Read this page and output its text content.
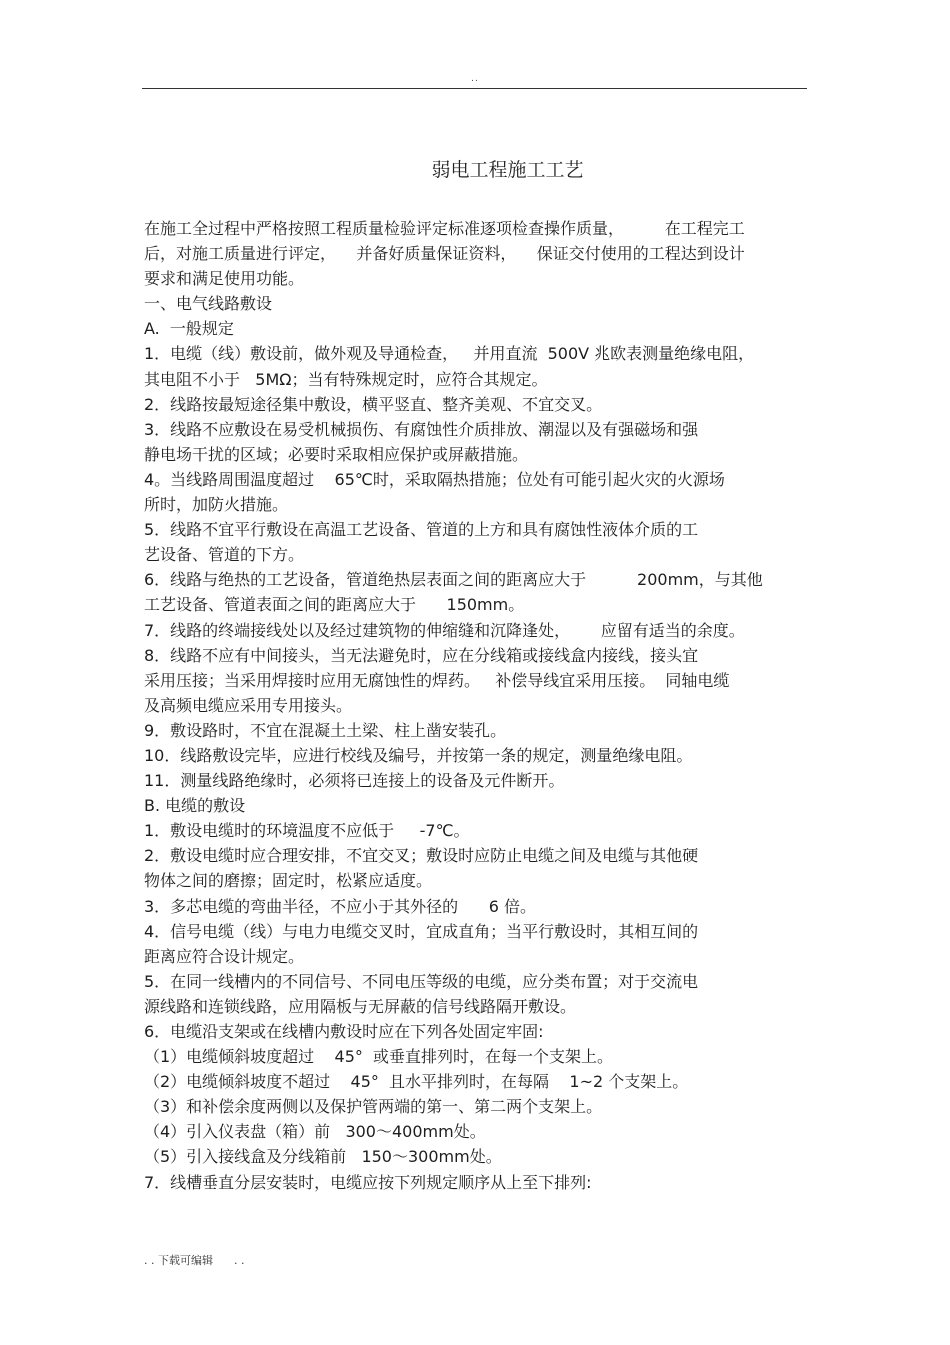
..
弱电工程施工工艺
在施工全过程中严格按照工程质量检验评定标准逐项检查操作质量，        在工程完工
后，对施工质量进行评定，    并备好质量保证资料，    保证交付使用的工程达到设计
要求和满足使用功能。
一、电气线路敷设
A.  一般规定
1．电缆（线）敷设前，做外观及导通检查，   并用直流  500V 兆欧表测量绝缘电阻，
其电阻不小于   5MΩ；当有特殊规定时，应符合其规定。
2．线路按最短途径集中敷设，横平竖直、整齐美观、不宜交叉。
3．线路不应敷设在易受机械损伤、有腐蚀性介质排放、潮湿以及有强磁场和强
静电场干扰的区域；必要时采取相应保护或屏蔽措施。
4。当线路周围温度超过    65℃时，采取隔热措施；位处有可能引起火灾的火源场
所时，加防火措施。
5．线路不宜平行敷设在高温工艺设备、管道的上方和具有腐蚀性液体介质的工
艺设备、管道的下方。
6．线路与绝热的工艺设备，管道绝热层表面之间的距离应大于          200mm，与其他
工艺设备、管道表面之间的距离应大于      150mm。
7．线路的终端接线处以及经过建筑物的伸缩缝和沉降逢处，      应留有适当的余度。
8．线路不应有中间接头，当无法避免时，应在分线箱或接线盒内接线，接头宜
采用压接；当采用焊接时应用无腐蚀性的焊药。   补偿导线宜采用压接。  同轴电缆
及高频电缆应采用专用接头。
9．敷设路时，不宜在混凝土土梁、柱上凿安装孔。
10．线路敷设完毕，应进行校线及编号，并按第一条的规定，测量绝缘电阻。
11．测量线路绝缘时，必须将已连接上的设备及元件断开。
B. 电缆的敷设
1．敷设电缆时的环境温度不应低于     -7℃。
2．敷设电缆时应合理安排，不宜交叉；敷设时应防止电缆之间及电缆与其他硬
物体之间的磨擦；固定时，松紧应适度。
3．多芯电缆的弯曲半径，不应小于其外径的      6 倍。
4．信号电缆（线）与电力电缆交叉时，宜成直角；当平行敷设时，其相互间的
距离应符合设计规定。
5．在同一线槽内的不同信号、不同电压等级的电缆，应分类布置；对于交流电
源线路和连锁线路，应用隔板与无屏蔽的信号线路隔开敷设。
6．电缆沿支架或在线槽内敷设时应在下列各处固定牢固:
（1）电缆倾斜坡度超过    45°  或垂直排列时，在每一个支架上。
（2）电缆倾斜坡度不超过    45°  且水平排列时，在每隔    1~2 个支架上。
（3）和补偿余度两侧以及保护管两端的第一、第二两个支架上。
（4）引入仪表盘（箱）前   300～400mm处。
（5）引入接线盒及分线箱前   150～300mm处。
7．线槽垂直分层安装时，电缆应按下列规定顺序从上至下排列:
. . 下载可编辑      . .
